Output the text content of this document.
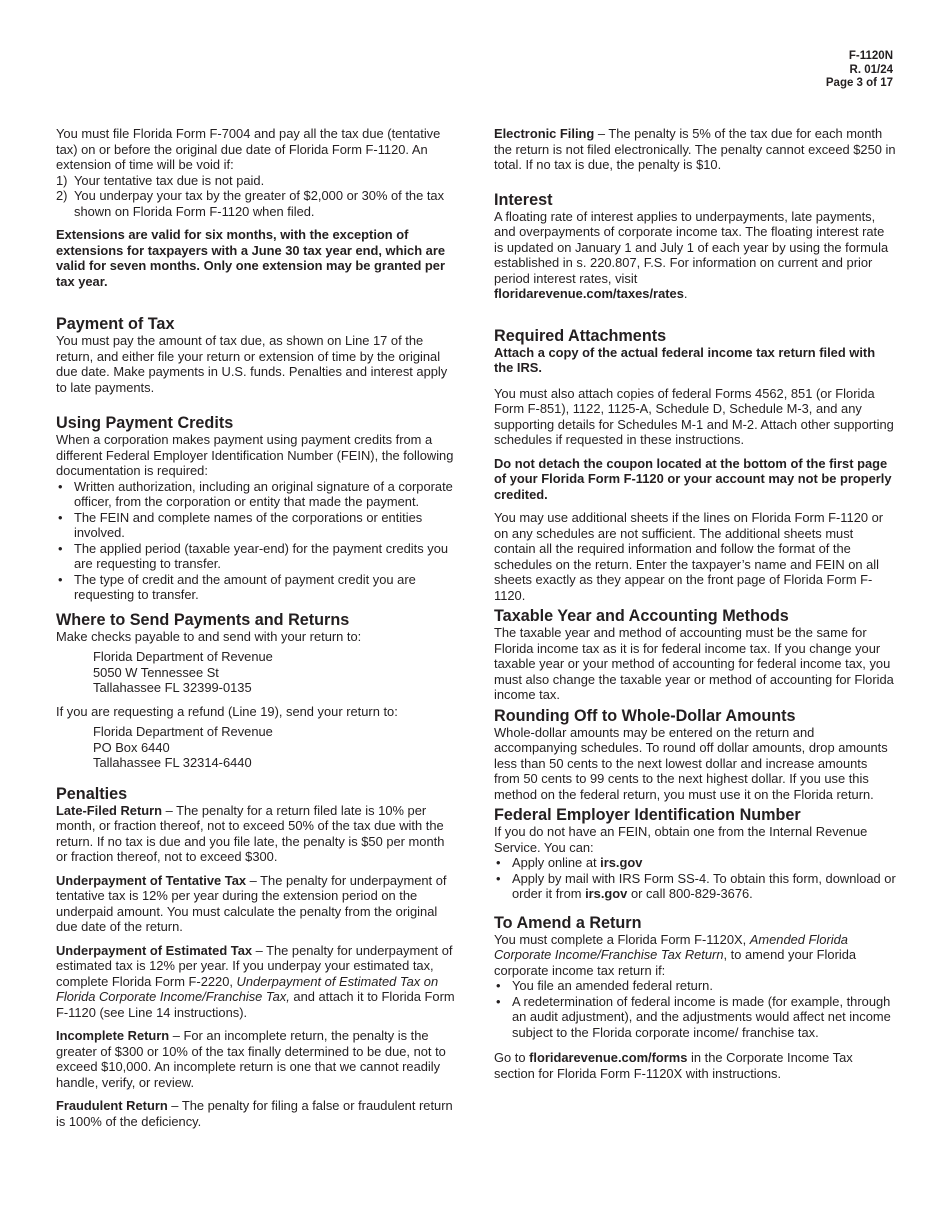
F-1120N
R. 01/24
Page 3 of 17

You must file Florida Form F-7004 and pay all the tax due (tentative tax) on or before the original due date of Florida Form F-1120. An extension of time will be void if:

1) Your tentative tax due is not paid.
2) You underpay your tax by the greater of $2,000 or 30% of the tax shown on Florida Form F-1120 when filed.

Extensions are valid for six months, with the exception of extensions for taxpayers with a June 30 tax year end, which are valid for seven months. Only one extension may be granted per tax year.

Payment of Tax

You must pay the amount of tax due, as shown on Line 17 of the return, and either file your return or extension of time by the original due date. Make payments in U.S. funds. Penalties and interest apply to late payments.

Using Payment Credits

When a corporation makes payment using payment credits from a different Federal Employer Identification Number (FEIN), the following documentation is required:

• Written authorization, including an original signature of a corporate officer, from the corporation or entity that made the payment.
• The FEIN and complete names of the corporations or entities involved.
• The applied period (taxable year-end) for the payment credits you are requesting to transfer.
• The type of credit and the amount of payment credit you are requesting to transfer.
Where to Send Payments and Returns

Make checks payable to and send with your return to:

Florida Department of Revenue
5050 W Tennessee St
Tallahassee FL 32399-0135

If you are requesting a refund (Line 19), send your return to:

Florida Department of Revenue
PO Box 6440
Tallahassee FL 32314-6440
Penalties

Late-Filed Return – The penalty for a return filed late is 10% per month, or fraction thereof, not to exceed 50% of the tax due with the return. If no tax is due and you file late, the penalty is $50 per month or fraction thereof, not to exceed $300.

Underpayment of Tentative Tax – The penalty for underpayment of tentative tax is 12% per year during the extension period on the underpaid amount. You must calculate the penalty from the original due date of the return.

Underpayment of Estimated Tax – The penalty for underpayment of estimated tax is 12% per year. If you underpay your estimated tax, complete Florida Form F-2220, Underpayment of Estimated Tax on Florida Corporate Income/Franchise Tax, and attach it to Florida Form F-1120 (see Line 14 instructions).

Incomplete Return – For an incomplete return, the penalty is the greater of $300 or 10% of the tax finally determined to be due, not to exceed $10,000. An incomplete return is one that we cannot readily handle, verify, or review.

Fraudulent Return – The penalty for filing a false or fraudulent return is 100% of the deficiency.

Electronic Filing – The penalty is 5% of the tax due for each month the return is not filed electronically. The penalty cannot exceed $250 in total. If no tax is due, the penalty is $10.

Interest

A floating rate of interest applies to underpayments, late payments, and overpayments of corporate income tax. The floating interest rate is updated on January 1 and July 1 of each year by using the formula established in s. 220.807, F.S. For information on current and prior period interest rates, visit
floridarevenue.com/taxes/rates.

Required Attachments

Attach a copy of the actual federal income tax return filed with the IRS.

You must also attach copies of federal Forms 4562, 851 (or Florida Form F-851), 1122, 1125-A, Schedule D, Schedule M-3, and any supporting details for Schedules M-1 and M-2. Attach other supporting schedules if requested in these instructions.

Do not detach the coupon located at the bottom of the first page of your Florida Form F-1120 or your account may not be properly credited.

You may use additional sheets if the lines on Florida Form F-1120 or on any schedules are not sufficient. The additional sheets must contain all the required information and follow the format of the schedules on the return. Enter the taxpayer’s name and FEIN on all sheets exactly as they appear on the front page of Florida Form F-1120.

Taxable Year and Accounting Methods

The taxable year and method of accounting must be the same for Florida income tax as it is for federal income tax. If you change your taxable year or your method of accounting for federal income tax, you must also change the taxable year or method of accounting for Florida income tax.

Rounding Off to Whole-Dollar Amounts

Whole-dollar amounts may be entered on the return and accompanying schedules. To round off dollar amounts, drop amounts less than 50 cents to the next lowest dollar and increase amounts from 50 cents to 99 cents to the next highest dollar. If you use this method on the federal return, you must use it on the Florida return.

Federal Employer Identification Number

If you do not have an FEIN, obtain one from the Internal Revenue Service. You can:

• Apply online at irs.gov
• Apply by mail with IRS Form SS-4. To obtain this form, download or order it from irs.gov or call 800-829-3676.
To Amend a Return

You must complete a Florida Form F-1120X, Amended Florida Corporate Income/Franchise Tax Return, to amend your Florida corporate income tax return if:

• You file an amended federal return.
• A redetermination of federal income is made (for example, through an audit adjustment), and the adjustments would affect net income subject to the Florida corporate income/ franchise tax.

Go to floridarevenue.com/forms in the Corporate Income Tax section for Florida Form F-1120X with instructions.
